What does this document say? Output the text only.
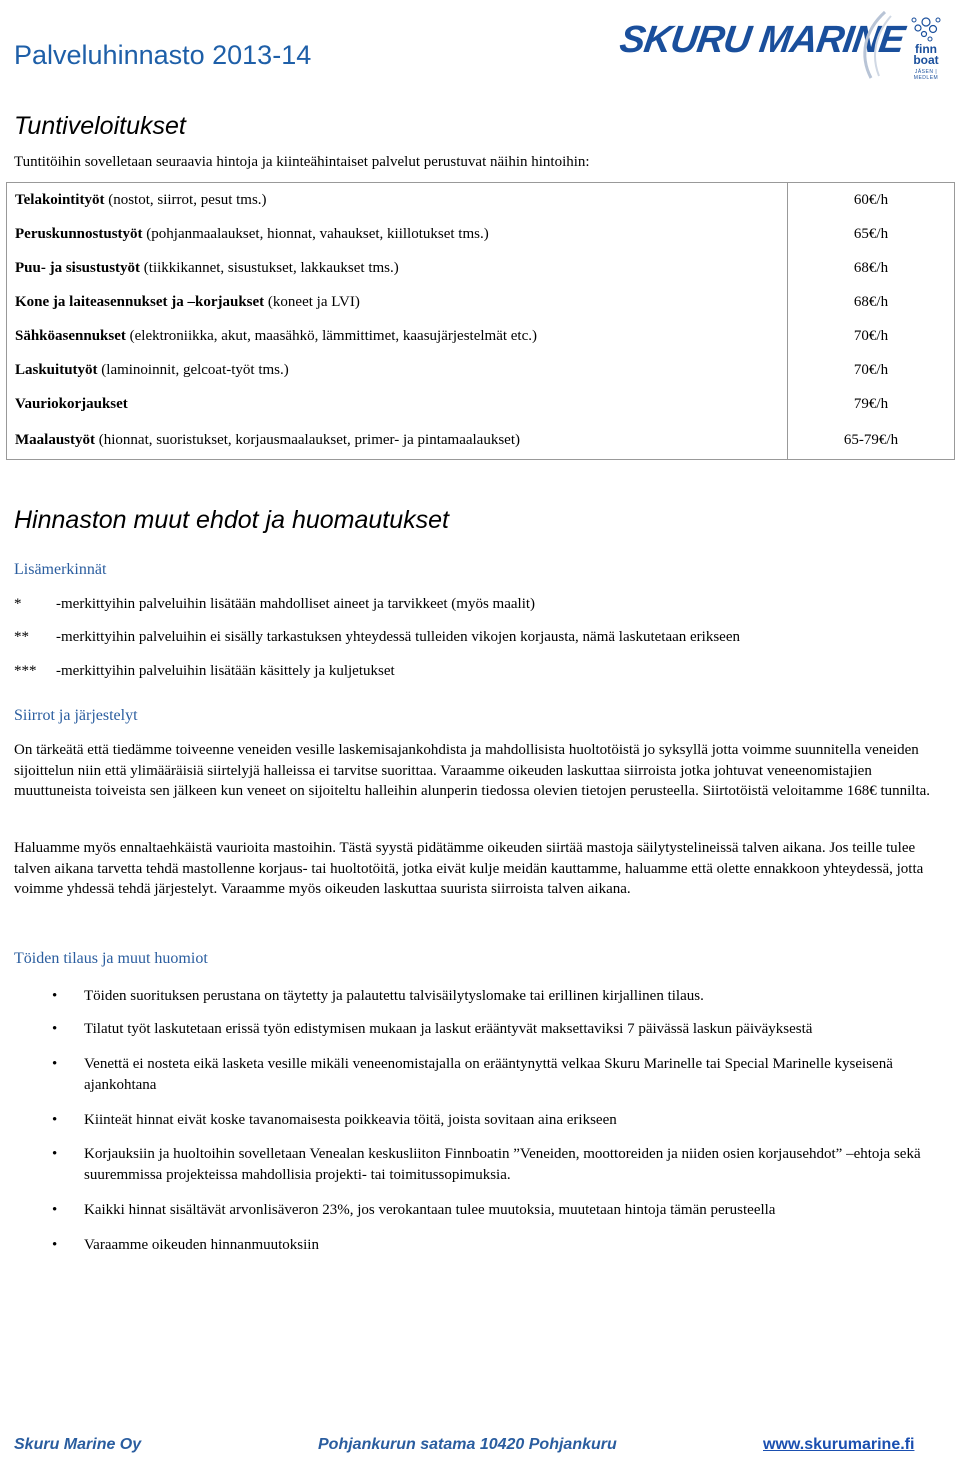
Palveluhinnasto 2013-14	SKURU MARINE finn boat
JÄSEN | MEDLEM
Tuntiveloitukset
Tuntitöihin sovelletaan seuraavia hintoja ja kiinteähintaiset palvelut perustuvat näihin hintoihin:
Telakointityöt (nostot, siirrot, pesut tms.)	60€/h
Peruskunnostustyöt (pohjanmaalaukset, hionnat, vahaukset, kiillotukset tms.)	65€/h
Puu- ja sisustustyöt (tiikkikannet, sisustukset, lakkaukset tms.)	68€/h
Kone ja laiteasennukset ja –korjaukset (koneet ja LVI)	68€/h
Sähköasennukset (elektroniikka, akut, maasähkö, lämmittimet, kaasujärjestelmät etc.)	70€/h
Laskuitutyöt (laminoinnit, gelcoat-työt tms.)	70€/h
Vauriokorjaukset	79€/h
Maalaustyöt (hionnat, suoristukset, korjausmaalaukset, primer- ja pintamaalaukset)	65-79€/h
Hinnaston muut ehdot ja huomautukset
Lisämerkinnät
* -merkittyihin palveluihin lisätään mahdolliset aineet ja tarvikkeet (myös maalit)
** -merkittyihin palveluihin ei sisälly tarkastuksen yhteydessä tulleiden vikojen korjausta, nämä laskutetaan erikseen
*** -merkittyihin palveluihin lisätään käsittely ja kuljetukset
Siirrot ja järjestelyt

On tärkeätä että tiedämme toiveenne veneiden vesille laskemisajankohdista ja mahdollisista huoltotöistä jo syksyllä jotta voimme suunnitella veneiden sijoittelun niin että ylimääräisiä siirtelyjä halleissa ei tarvitse suorittaa. Varaamme oikeuden laskuttaa siirroista jotka johtuvat veneenomistajien muuttuneista toiveista sen jälkeen kun veneet on sijoiteltu halleihin alunperin tiedossa olevien tietojen perusteella. Siirtotöistä veloitamme 168€ tunnilta.

Haluamme myös ennaltaehkäistä vaurioita mastoihin. Tästä syystä pidätämme oikeuden siirtää mastoja säilytystelineissä talven aikana. Jos teille tulee talven aikana tarvetta tehdä mastollenne korjaus- tai huoltotöitä, jotka eivät kulje meidän kauttamme, haluamme että olette ennakkoon yhteydessä, jotta voimme yhdessä tehdä järjestelyt. Varaamme myös oikeuden laskuttaa suurista siirroista talven aikana.

Töiden tilaus ja muut huomiot
• Töiden suorituksen perustana on täytetty ja palautettu talvisäilytyslomake tai erillinen kirjallinen tilaus.
• Tilatut työt laskutetaan erissä työn edistymisen mukaan ja laskut erääntyvät maksettaviksi 7 päivässä laskun päiväyksestä
• Venettä ei nosteta eikä lasketa vesille mikäli veneenomistajalla on erääntynyttä velkaa Skuru Marinelle tai Special Marinelle kyseisenä ajankohtana
• Kiinteät hinnat eivät koske tavanomaisesta poikkeavia töitä, joista sovitaan aina erikseen
• Korjauksiin ja huoltoihin sovelletaan Venealan keskusliiton Finnboatin ”Veneiden, moottoreiden ja niiden osien korjausehdot” –ehtoja sekä suuremmissa projekteissa mahdollisia projekti- tai toimitussopimuksia.
• Kaikki hinnat sisältävät arvonlisäveron 23%, jos verokantaan tulee muutoksia, muutetaan hintoja tämän perusteella
• Varaamme oikeuden hinnanmuutoksiin
Skuru Marine Oy	Pohjankurun satama 10420 Pohjankuru	www.skurumarine.fi
